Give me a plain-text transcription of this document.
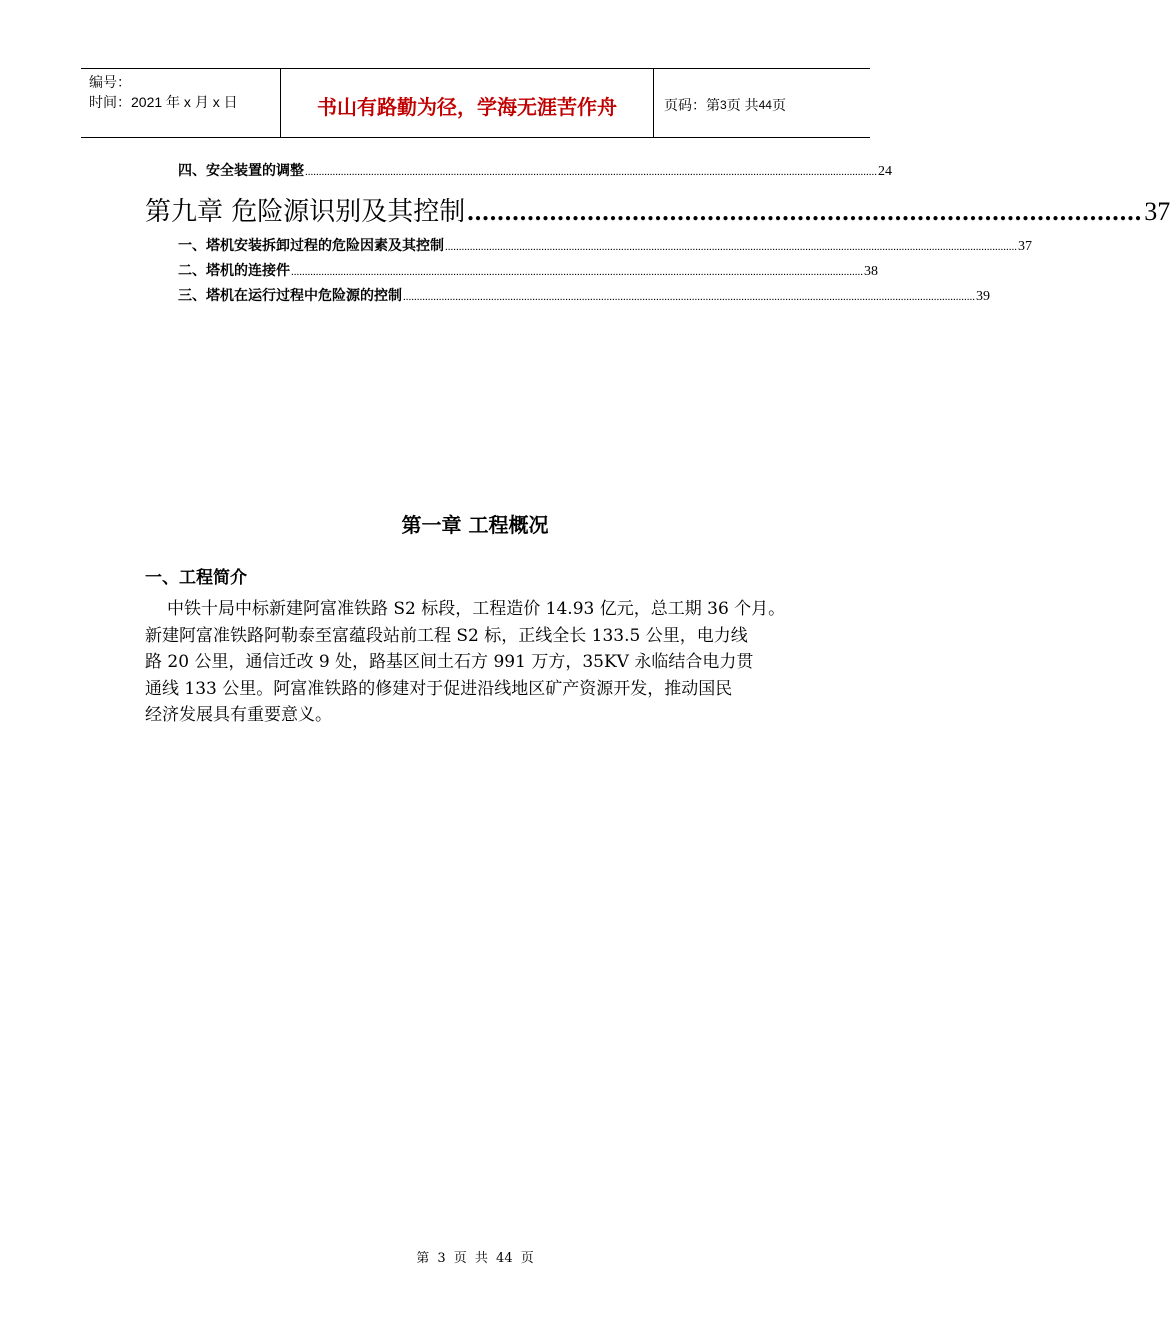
编号：
时间：2021 年 x 月 x 日	书山有路勤为径，学海无涯苦作舟	页码：第 3 页 共 44 页
四、安全装置的调整 ................................................................................................................................................................................................................ 24
第九章 危险源识别及其控制 .......................................................................................... 37
一、塔机安装拆卸过程的危险因素及其控制 ................................................................................................................................................................................................................ 37
二、塔机的连接件 ................................................................................................................................................................................................................ 38
三、塔机在运行过程中危险源的控制 ................................................................................................................................................................................................................ 39
第一章 工程概况
一、工程简介
中铁十局中标新建阿富准铁路 S2 标段，工程造价 14.93 亿元，总工期 36 个月。
新建阿富准铁路阿勒泰至富蕴段站前工程 S2 标，正线全长 133.5 公里，电力线
路 20 公里，通信迁改 9 处，路基区间土石方 991 万方，35KV 永临结合电力贯
通线 133 公里。阿富准铁路的修建对于促进沿线地区矿产资源开发，推动国民
经济发展具有重要意义。
第 3 页 共 44 页
